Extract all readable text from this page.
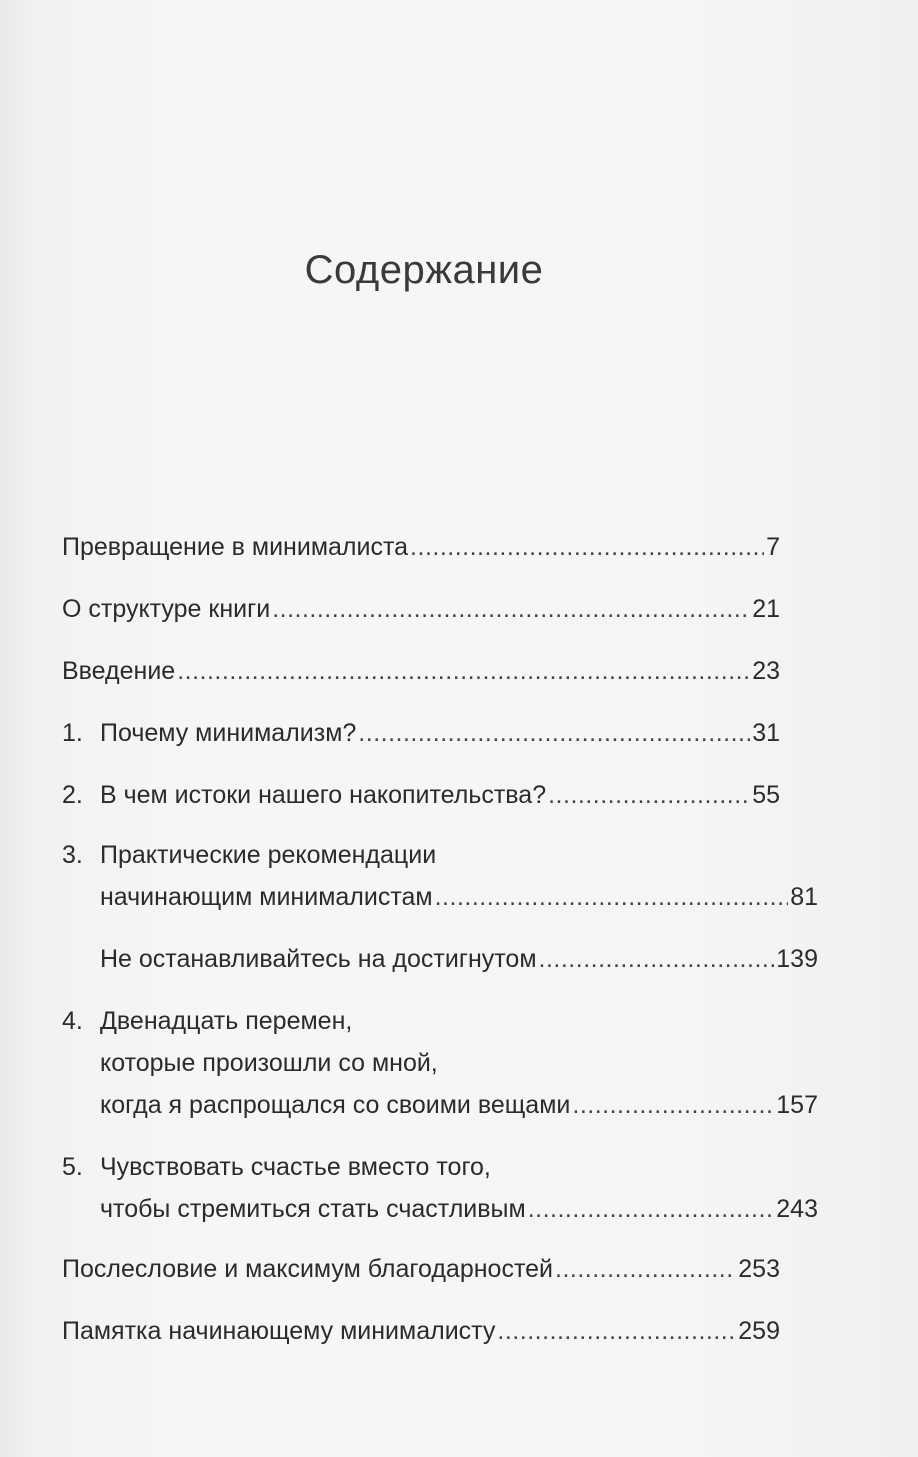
Содержание
Превращение в минималиста .....	7
О структуре книги .....	21
Введение .....	23
1. Почему минимализм? .....	31
2. В чем истоки нашего накопительства? .....	55
3. Практические рекомендации
начинающим минималистам .....	81
Не останавливайтесь на достигнутом .....	139
4. Двенадцать перемен,
которые произошли со мной,
когда я распрощался со своими вещами .....	157
5. Чувствовать счастье вместо того,
чтобы стремиться стать счастливым .....	243
Послесловие и максимум благодарностей .....	253
Памятка начинающему минималисту .....	259
